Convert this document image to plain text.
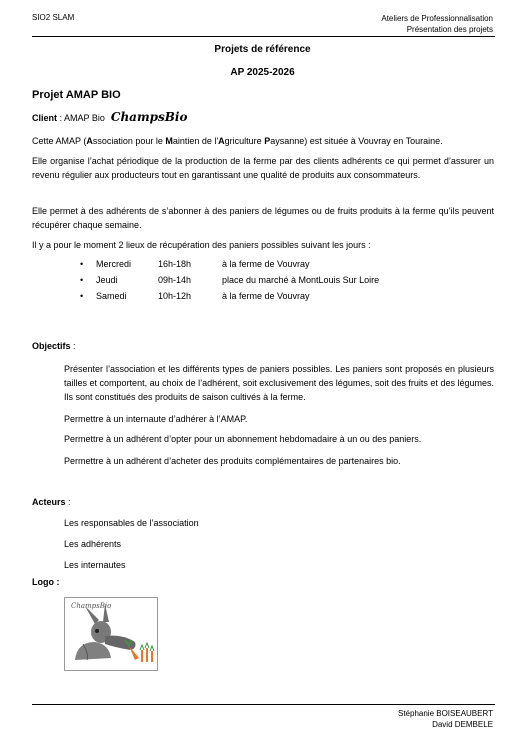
SIO2 SLAM	Ateliers de Professionnalisation
Présentation des projets
Projets de référence
AP 2025-2026
Projet AMAP BIO
Client : AMAP Bio ChampsBio
Cette AMAP (Association pour le Maintien de l'Agriculture Paysanne) est située à Vouvray en Touraine.
Elle organise l’achat périodique de la production de la ferme par des clients adhérents ce qui permet d’assurer un revenu régulier aux producteurs tout en garantissant une qualité de produits aux consommateurs.
Elle permet à des adhérents de s’abonner à des paniers de légumes ou de fruits produits à la ferme qu’ils peuvent récupérer chaque semaine.
Il y a pour le moment 2 lieux de récupération des paniers possibles suivant les jours :
• Mercredi	16h-18h	à la ferme de Vouvray
• Jeudi	09h-14h	place du marché à MontLouis Sur Loire
• Samedi	10h-12h	à la ferme de Vouvray
Objectifs :
Présenter l’association et les différents types de paniers possibles. Les paniers sont proposés en plusieurs tailles et comportent, au choix de l’adhérent, soit exclusivement des légumes, soit des fruits et des légumes. Ils sont constitués des produits de saison cultivés à la ferme.
Permettre à un internaute d’adhérer à l’AMAP.
Permettre à un adhérent d’opter pour un abonnement hebdomadaire à un ou des paniers.
Permettre à un adhérent d’acheter des produits complémentaires de partenaires bio.
Acteurs :
Les responsables de l’association
Les adhérents
Les internautes
Logo :
ChampsBio
Stéphanie BOISEAUBERT
David DEMBELE
